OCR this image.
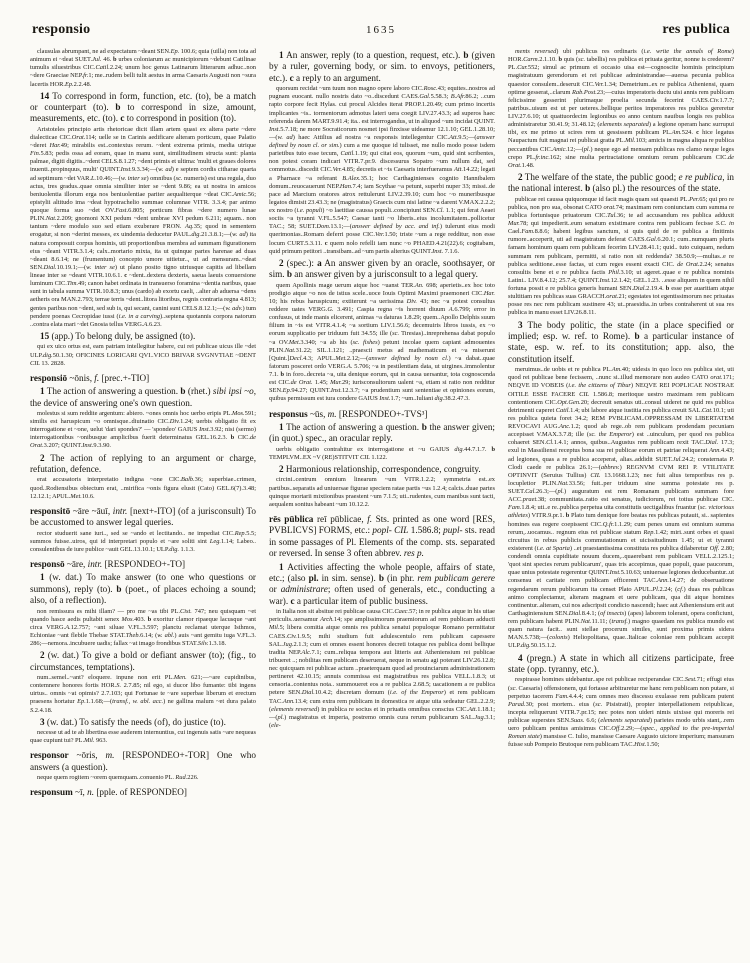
responsio	1635	res publica
clausulas abrumpant, ne ad expectatum ~deant SEN.Ep. 100.6; quia (uilla) non tota ad animum ei ~deat SUET.Jul. 46. b urbes coloniarum ac municipiorum ~debunt Catilinae tumulis siluestribus CIC.Catil.2.24; unum hoc genus Latinarum litterarum adhuc..non ~dere Graeciae NEP.fr.1; me..rudem belli tulit aestus in arma Caesaris Augusti non ~sura lacertis HOR.Ep.2.2.48.
14 To correspond in form, function, etc. (to), be a match or counterpart (to). b to correspond in size, amount, measurements, etc. (to). c to correspond in position (to).
Aristoteles principio artis rhetoricae dicit illam artem quasi ex altera parte ~dere dialecticae CIC.Orat.114; uelle se in Carinis aedificare alteram porticum, quae Palatio ~deret Har.49; mirabilis est..contextus rerum. ~dent extrema primis, media utrique Fin.5.83; pedis ossa ad eoram, quae in manu sunt, similitudinem structa sunt: planta palmae, digiti digitis..~dent CELS.8.1.27; ~dent primis et ultima: 'multi et graues dolores inuenti..propinquus, multi' QUINT.Inst.9.3.34;—(w. ad) e septem cordis citharae quarta ad septimum ~det VAR.L.10.46;—(w. inter se) omnibus (sc. numeris) est una regula, duo actus, tres gradus..quae omnia similiter inter se ~dent 9.86; ea ut nostra in amicos beniuolentia illorum erga nos beniuolentiae pariter aequaliterque ~deat CIC.Amic.56; epistylii altitudo ima ~deat hypotrachelio summae columnae VITR. 3.3.4; par animo quoque forma suo ~det OV.Fast.6.805; porticum fibras ~dere numero lunae PLIN.Nat.2.209; gnomoni XXI pedum ~dent umbrae XVI pedum 6.211; aquam.. non tantum ~dere modulo suo sed etiam exuberare FRON. Aq.35; quod in sementem erogatur, si non ~derint messes, ex uindemia deducetur PAUL.dig.21.3.8.1;—(w. ad) ita natura composuit corpus hominis, uti proportionibus membra ad summam figurationem eius ~deant VITR.3.1.4; calx..mortario mixta, ita ut quinque partes harenae ad duas ~deant 8.6.14; ne (frumentum) concepto umore uitietur.., ut ad mensuram..~deat SEN.Dial.10.19.1;—(w. inter se) ut plano posito tigno utriusque capitis ad libellam lineae inter se ~deant VITR.10.6.1. c ~dent..dextera dexteris, saeua laeuis conuersione luminum CIC.Tim.49; canon habet ordinata in transuerso foramina ~dentia naribus, quae sunt in tabula summa VITR.10.8.3; unus (cardo) ab exortu caeli, ..alter ab aduersa ~dens aetheris ora MAN.2.793; terrae terris ~dent..litora litoribus, regnis contraria regna 4.813; gentes paribus non ~dent, sed sub is, qui secant, canini sunt CELS.8.12.1;—(w. adv.) tum pendere poenas Cecropidae iussi (i.e. in a carving)..septena quotannis corpora natorum ..contra elata mari ~det Gnosia tellus VERG.A.6.23.
15 (app.) To belong duly, be assigned (to).
qui ex uico ortus est, eam patriam intellegitur habere, cui rei publicae uicus ille ~det ULP.dig.50.1.30; OFICINES LORICARI QVI..VICO BRIVAR SVGNVTIAE ~DENT CIL 13. 2828.
responsiō ~ōnis, f. [prec.+-TIO]
1 The action of answering a question. b (rhet.) sibi ipsi ~o, the device of answering one's own question.
molestus si sum reddite argentum: abiero. ~ones omnis hoc uerbo eripis PL.Mos.591; similis est haruspicum ~o omnisque..diuinatio CIC.Div.1.24; uerbis obligatio fit ex interrogatione et ~one, uelut 'dari spondes?' — 'spondeo' GAIUS Inst.3.92; nisi (sermo) interrogationibus ~onibusque amplicibus fuerit determinatus GEL.16.2.3. b CIC.de Orat.3.207; QUINT.Inst.9.3.90.
2 The action of replying to an argument or charge, refutation, defence.
erat accusatoris interpretatio indigna ~one CIC.Balb.36; superbiae..crimen, quod..Rodiensibus obiectum erat, ..mirifica ~onis figura elusit (Cato) GEL.6(7).3.48; 12.12.1; APUL.Met.10.6.
responsitō ~āre ~āuī, intr. [next+-ITO] (of a jurisconsult) To be accustomed to answer legal queries.
rector studuerit sane iuri.., sed se ~ando et lectitando.. ne impediat CIC.Rep.5.5; summos fuisse..uiros, qui id interpretari populo et ~are soliti sint Leg.1.14; Labeo.. consulentibus de iure publice ~auit GEL.13.10.1; ULP.dig. 1.1.3.
responsō ~āre, intr. [RESPONDEO+-TO]
1 (w. dat.) To make answer (to one who questions or summons), reply (to). b (poet., of places echoing a sound; also, of a reflection).
non remissura es mihi illam? — pro me ~as tibi PL.Cist. 747; neu quisquam ~et quando hasce aedis pultabit senex Mos.403. b exoritur clamor ripaeque lacusque ~ant circa VERG.A.12.757; ~ant siluae V.FL.3.597; planctu reclamat uterque Isthmos, Echioniae ~ant flebile Thebae STAT.Theb.6.14; (w. abl.) auis ~ant gemitu iuga V.FL.3. 286;—nemora..incubuere uadis; fallax ~at imago frondibus STAT.Silv.1.3.18.
2 (w. dat.) To give a bold or defiant answer (to); (fig., to circumstances, temptations).
num..semel..~ant? eloquere. inpune non erit PL.Men. 621;—~are cupidinibus, contemnere honores fortis HOR.S. 2.7.85; nil ego, si ducor libo fumante: tibi ingens uirtus.. omnis ~at opimis? 2.7.103; qui Fortunae te ~are superbae liberum et erectum praesens hortatur Ep.1.1.68;—(transf., w. abl. acc.) ne gallina malum ~et dura palato S.2.4.18.
3 (w. dat.) To satisfy the needs (of), do justice (to).
necesse ut ad te ab libertina esse auderem internuntius, cui ingenuis satis ~are nequeas quae cupiunt tui? PL.Mil. 963.
responsor ~ōris, m. [RESPONDEO+-TOR] One who answers (a question).
neque quem rogitem ~orem quemquam..conuenio PL. Rud.226.
responsum ~ī, n. [pple. of RESPONDEO]
1 An answer, reply (to a question, request, etc.). b (given by a ruler, governing body, or sim. to envoys, petitioners, etc.). c a reply to an argument.
quorsum recidat ~um tuum non magno opere laboro CIC.Rosc.43; equites..nostros ad pugnam euocant. nullo nostris dato ~o..discedunt CAES.Gal.5.58.3; B.Afr.86.2; ..cum rapto corpore fecit Hylas. cui procul Alcides iterat PROP.1.20.49; cum primo incertis implicantes ~is.. tormentorum admotus lateri uera coegit LIV.27.43.3; ad superos haec referenda darem MART.9.91.4; ita.. est interrogandus, ut in aliquod ~um incidat QUINT. Inst.5.7.18; ne more Socraticorum nosmet ipsi finxisse uideamur 12.1.10; GEL.1.28.10;—(w. ad) haec Attilius ad nostra ~a responsis intellegentur CIC.Att.9.5;—(answer defined by noun cl. or sim.) cum a me quoque id tulisset, me nullo modo posse isdem parietibus tuto esse tecum, Catil.1.19; qui citat eos, quorum ~um, quid sint scribentes, non potest coram indicari VITR.7.pr.9. discessurus Sopatro ~um nullum dat, sed commotus..discedit CIC.Ver.4.85; decretis et ~is Caesaris interfueramus Att.14.22; legati a Pharnace ~a referant B.Alex.35.1; hoc Carthaginienses cognito Hannibalem domum..reuocauerunt NEP.Han.7.4; iam Scythae ~a petunt, superbi nuper 33; missi..de pace ad Marcium oratores atrox rettulerunt LIV.2.39.10; cum hoc ~o muneribusque legatos dimisit 23.43.3; ne (magistratus) Graecis cum nisi latine ~a darent V.MAX.2.2.2; ex nostro (i.e. populi) ~o laetitiae caussa populi..concipiunt SEN.Cl. 1.1; qui ferat Aeaei sociis ~a tyranni V.FL.5.547; Caesar tanti ~o liberis..eius incolumitatem..pollicetur TAC.; 58; SUET.Dom.13.1;—(answer defined by acc. and inf.) tulerunt eius modi querimonias..Romam deferri posse CIC.Ver.1.50; triste ~um a rege redditur, non esse locum CURT.5.3.11. c quem nolo refelli iam nunc ~o PHAED.4.21(22).6; cogitabam, quid primum petitori ..transibam..ad ~um partis alterius QUINT.Inst. 7.1.6.
2 (spec.): a An answer given by an oracle, soothsayer, or sim. b an answer given by a jurisconsult to a legal query.
quem Apollinis mage uerum atque hoc ~uanst TER.An. 698; aperietis..ex hoc toto prodigio atque ~o nos de istius scele..uoce Iouis Optimi Maximi praemoneri CIC.Har. 10; his rebus haruspicum; extiterunt ~a uerissima Div. 43; nec ~a potest consultus reddere uates VERG.G. 3.491; Caspia regna ~is horrent diuum A.6.799; error in confusus, ut inde manis elicerent, animas ~a daturas 1.8.29; quem..Apollo Delphis suum filium in ~is est VITR.4.1.4; ~a sortium LIV.1.56.6; decemuiris libros iussis, ex ~o eorum supplicatio per triduum fuit 34.55; ille (sc. Tiresias)..inreprehensa dabat populo ~a OV.Met.3.340; ~a ab his (sc. fishes) petunt incolae quem capiant admouentes PLIN.Nat.31.22; SIL.1.121; ..praescii metus ad mathematicum et ~a miserunt [Quint.]Decl.4.3; APUL.Met.2.12;—(answer defined by noun cl.) ~a dabat..quae fatorum posceret ordo VERG.A. 5.706; ~a in pestilentiam data, ut uirgines..immolentur 7.1. b in foro..decreta ~a, uita denique eorum, qui in causa uersantur, tota cognoscenda est CIC.de Orat. 1.45; Mur.29; iurisconsultorum ualent ~a, etiam si ratio non redditur SEN.Ep.94.27; QUINT.Inst.12.3.7; ~a prudentium sunt sententiae et opiniones eorum, quibus permissum est iura condere GAIUS Inst.1.7; ~um..Iuliani dig.38.2.47.3.
responsus ~ūs, m. [RESPONDEO+-TVS³]
1 The action of answering a question. b the answer given; (in quot.) spec., an oracular reply.
uerbis obligatio contrahitur ex interrogatione et ~u GAIUS dig.44.7.1.7. b TEMPLVM..EX ~V (RE)STITVIT CIL 1.122.
2 Harmonious relationship, correspondence, congruity.
circini..centrum omnium linearum ~um VITR.1.2.2; symmetria est..ex partibus..separatis ad uniuersae figurae speciem ratae partis ~us 1.2.4; calcis..duae partes quinque mortarii mixtionibus praestent ~um 7.1.5; uti..rudentes, cum manibus sunt tacti, aequalem sonitus habeant ~um 10.12.2.
rēs pūblica reī pūblicae, f. Sts. printed as one word [RES, PVBLICVS] FORMS, etc.: popl- CIL 1.586.8; pupl- sts. read in some passages of Pl. Elements of the comp. sts. separated or reversed. In sense 3 often abbrev. res p.
1 Activities affecting the whole people, affairs of state, etc.; (also pl. in sim. sense). b (in phr. rem publicam gerere or administrare; often used of generals, etc., conducting a war). c a particular item of public business.
in Italia non sit absitue rei publicae causa CIC.Caec.57; in re publica atque in his uitae periculis..uersamur Arch.14; spe amplissimorum praemiorum ad rem publicam adducti Mil.5; libera comitia atque omnis res publica senatui populoque Romano permittatur CAES.Civ.1.9.5; mihi studium fuit adulescentulo rem publicam capessere SAL.Jug.2.1.3; cum ei omnes essent honores decreti totaque res publica domi bellique tradita NEP.Alc.7.1; cum..reliqua tempora aut litteris aut Atheniensium rei publicae tribueret ..; nobilitas rem publicam deseruerat, neque in senatu agi poterant LIV.26.12.8; nec quicquam rei publicae actum ..praeterquam quod ad prouinciarum administrationem pertineret 42.10.15; annuis commissa est magistratibus res publica VELL.1.8.3; ut censoria..contentus nota.. summoueret eos a re publica 2.68.5; uacationem a re publica petere SEN.Dial.10.4.2; discretam domum (i.e. of the Emperor) et rem publicam TAC.Ann.13.4; cum extra rem publicam in domestica re atque uita sedeatur GEL.2.2.9; (elements reversed) in publica re socius et in priuatis omnibus conscius CIC.Att.1.18.1;—(pl.) magistratus et imperia, postremo omnis cura rerum publicarum SAL.Jug.3.1; (ele-
ments reversed) ubi publicus res ordinaris (i.e. write the annals of Rome) HOR.Carm.2.1.10. b quis (sc. tabellis) res publica et priuata geritur, nonne is crederem? PL.Cur.552; simul ac primum ei occasio uisa est—cognoscite hominis principium magistratuum gerendorum et rei publicae administrandae—auersa pecunia publica quaestor consulem..deseruit CIC.Ver.1.34; Demetrium..ex re publica Atheniensi, quam optime gesserat,..clarum Rab.Post.23;—cuius imperatoris ductu uisi annis rem publicam felicissime gesserint plurimaque proelia secunda fecerint CAES.Civ.1.7.7; patribus..uisum est ut per ueteres..bellique peritos imperatores res publica gereretur LIV.27.6.10; ut quattuordecim legionibus eo anno centum nauibus longis res publica administraretur 30.41.9; 31.48.12; (elements separated) a legione operam hanc surrupui tibi, ex me primo ut scires rem ut gessissem publicam PL.Am.524. c hice legatus Naupactum fuit magnai rei publicai gratia PL.Mil.103; amicis in magna aliqua re publica peccantibus CIC.Amic.12;—(pl.) neque ego ad mensam publicas res clamo neque leges crepo PL.fr.inc.162; sine multa pertractatione omnium rerum publicarum CIC.de Orat.1.48.
2 The welfare of the state, the public good; e re publica, in the national interest. b (also pl.) the resources of the state.
publicae rei caussa quiquomque id facit magis quam sui quaesti PL.Per.65; qui pro re publica, non pro sua, obsonat CATO orat.74; maximam rem coniunctam cum summa re publica fortunisque priuatorum CIC.Tul.36; te ad accusandum res publica adduxit Mur.78; qui impedierit..eum senatum existimare contra rem publicam fecisse S.C. in Cael.Fam.8.8.6; habent legibus sanctum, si quis quid de re publica a finitimis rumore..acceperit, uti ad magistratum deferat CAES.Gal.6.20.1; cum..numquam pluris famam hominum quam rem publicam fecerim LIV.28.41.1; quid.. tuto cuiquam, nedum summam rem publicam, permitti, si ratio non sit reddenda? 38.50.9;—multas..e re publica seditione..esse factas, ut cum reges essent exacti CIC. de Orat.2.24; senatus consultis bene et e re publica factis Phil.3.10; ut ageret..quae e re publica nominis Latini.. LIV.8.4.12; 25.7.4; QUINT.Inst.12.1.42; GEL.1.23. ..esse aliquem in quem nihil fortuna possit e re publica generis humani SEN.Dial.2.19.4. b esse per auaritiam atque stultitiam res publicas suas GRACCH.orat.21; egestates tot egentissimorum nec priuatas posse res nec rem publicam sustinere 43; ut..praesidia..in urbes contraherent ut sua res publica in manu esset LIV.26.8.11.
3 The body politic, the state (in a place specified or implied; esp. w. ref. to Rome). b a particular instance of state, esp. w. ref. to its constitution; app. also, the constitution itself.
meruimus..de uobis et re publica PL.Am.40; uidesis in quo loco res publica siet, uti quod rei publicae bene fecissem, ..nunc si..illud memorare non audeo CATO orat.171; NEQVE ID VOBEIS (i.e. the citizens of Tibur) NEQVE REI POPLICAE NOSTRAE OITILE ESSE FACERE CIL 1.586.8; meritoque uestro maximam rem publicam contentionem CIC.Opt.Gen.20; decreuit senatus uti..consul uideret ne quid res publica detrimenti caperet Catil.1.4; ubi labore atque iustitia res publica creuit SAL.Cat.10.1; uti res publica quieta foret 34.2; REM PVBLICAM..OPPRESSAM IN LIBERTATEM REVOCAVI AUG.Anc.1.2; quod ab rege..ob rem publicam prodendam pecuniam accepisset V.MAX.3.7.8; ille (sc. the Emperor) est ..uinculum, per quod res publica cohaeret SEN.Cl.1.4.1; annos, quibus..Augustus rem publicam rexit TAC.Dial. 17.3; exul in Massiliensi receptus bona sua rei publicae eorum et patriae reliquerat Ann.4.43; ad legiones, quas a re publica acceperat, alias..addidit SUET.Jul.24.2; consternata P. Clodi caede re publica 26.1;—(abbrev.) REGNVM CVM REI P. VTILITATE OPTINVIT (Seruius Tullius) CIL 13.1668.1.23; nec fuit alius temporibus res p. locupletior PLIN.Nat.33.56; fuit..per triduum sine summa potestate res p. SUET.Cal.26.3;—(pl.) auguratum est rem Romanam publicam summam fore ACC.praet.38; communitata..ratio est senatus, iudiciorum, rei totius publicae CIC. Fam.1.8.4; uti..e re..publica perpetua uita constitutis uectigalibus fruantur (sc. victorious athletes) VITR.9.pr.1. b Plato tum denique fore beatas res publicas putauit, si.. sapientes homines eas regere coepissent CIC.Q.fr.1.1.29; cum penes unum est omnium summa rerum,..uocamus.. regnum eius rei publicae statum Rep.1.42; miri..sunt orbes et quasi circuitus in rebus publicis commutationum et uicissitudinum 1.45; ut et tyranni existerent (i.e. at Sparta) ..et praestantissima constituta res publica dilaberetur Off. 2.80; condendi omnia cupiditate nouum ducem,..quaerebant rem publicam VELL.2.125.1; 'quot sint species rerum publicarum', quas tris accepimus, quae populi, quae paucorum, quae unius potestate regerentur QUINT.Inst.5.10.63; uniuersae legiones deducebantur..ut consensu et caritate rem publicam efficerent TAC.Ann.14.27; de obseruatione regendarum rerum publicarum ita censet Plato APUL.Pl.2.24; (cf.) duas res publicas animo complectamur, alteram magnam et uere publicam, qua dii atque homines continentur..alteram, cui nos adscripsit condicio nascendi; haec aut Atheniensium erit aut Carthaginiensium SEN.Dial.8.4.1; (of insects) (apes) laborem tolerant, opera conficiunt, rem publicam habent PLIN.Nat.11.11; (transf.) magno quaedam res publica mundo est quam natura facit.. sunt stellae procerum similes, sunt proxima primis sidera MAN.5.738;—(colonis) Heliopolitana, quae..Italicae coloniae rem publicam accepit ULP.dig.50.15.1.2.
4 (pregn.) A state in which all citizens participate, free state (opp. tyranny, etc.).
respirasse homines uidebantur..spe rei publicae reciperandae CIC.Sest.71; effugi eius (sc. Caesaris) offensionem, qui fortasse arbitraretur me hanc rem publicam non putare, si perpetuo tacerem Fam.4.4.4; cum omnes meo discessu exulasse rem publicam putent Parad.30; post mortem.. eius (sc. Pisistrati), propter interpellationem reipublicae, incepta reliquerunt VITR.7.pr.15; nec potes non uideri nimis uixisse qui moreris rei publicae superstes SEN.Suas. 6.6; (elements separated) parietes modo urbis stant,..rem uero publicam penitus amisimus CIC.Off.2.29;—(spec., applied to the pre-imperial Roman state) mansisse C. Iulio, mansisse Caesare Augusto uictore imperium; mansuram fuisse sub Pompeio Brutoque rem publicam TAC.Hist.1.50;
